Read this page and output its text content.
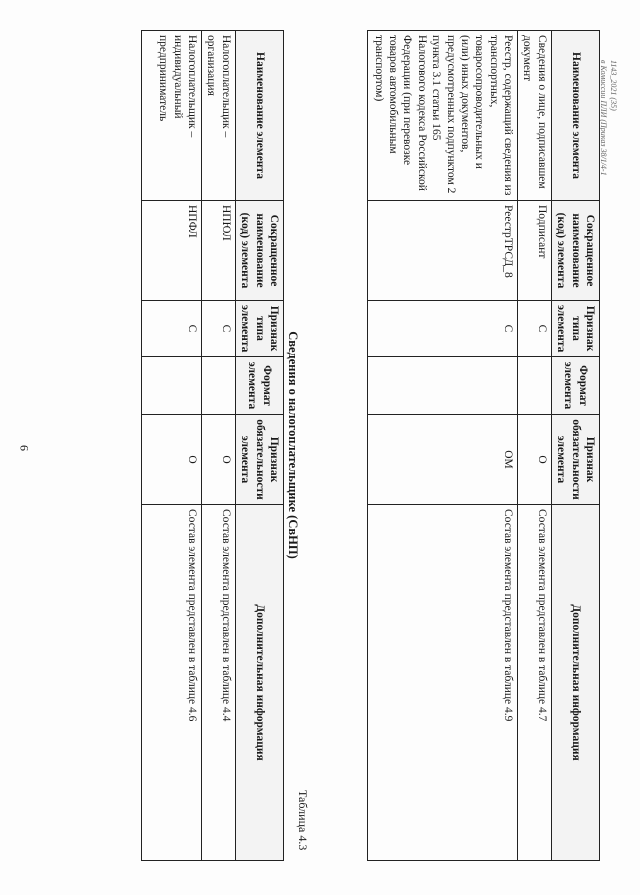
1143_2021 (35)
в Комиссии ПЛИ (Приказ 38/1/4-1
Наименование элемента	Сокращенное наименование (код) элемента	Признак типа элемента	Формат элемента	Признак обязательности элемента	Дополнительная информация
Сведения о лице, подписавшем документ	Подписант	С		О	Состав элемента представлен в таблице 4.7
Реестр, содержащий сведения из транспортных, товаросопроводительных и (или) иных документов, предусмотренных подпунктом 2 пункта 3.1 статьи 165 Налогового кодекса Российской Федерации (при перевозке товаров автомобильным транспортом)	РеестрТРСД_8	С		ОМ	Состав элемента представлен в таблице 4.9
Таблица 4.3
Сведения о налогоплательщике (СвНП)
Наименование элемента	Сокращенное наименование (код) элемента	Признак типа элемента	Формат элемента	Признак обязательности элемента	Дополнительная информация
Налогоплательщик – организация	НПЮЛ	С		О	Состав элемента представлен в таблице 4.4
Налогоплательщик – индивидуальный предприниматель	НПФЛ	С		О	Состав элемента представлен в таблице 4.6
9
